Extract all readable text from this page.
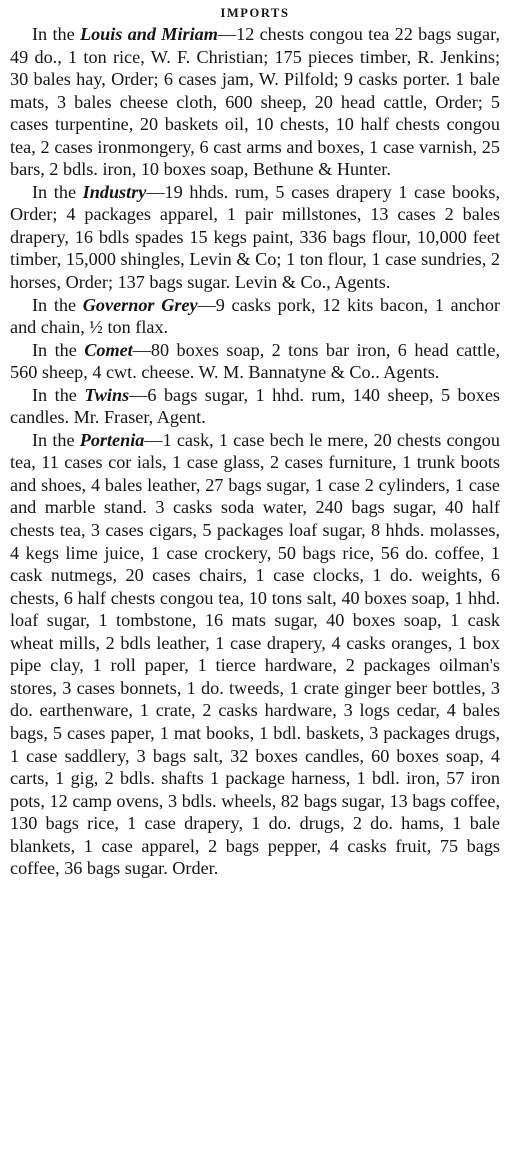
IMPORTS

In the Louis and Miriam—12 chests congou tea 22 bags sugar, 49 do., 1 ton rice, W. F. Christian; 175 pieces timber, R. Jenkins; 30 bales hay, Order; 6 cases jam, W. Pilfold; 9 casks porter. 1 bale mats, 3 bales cheese cloth, 600 sheep, 20 head cattle, Order; 5 cases turpentine, 20 baskets oil, 10 chests, 10 half chests congou tea, 2 cases ironmongery, 6 cast arms and boxes, 1 case varnish, 25 bars, 2 bdls. iron, 10 boxes soap, Bethune & Hunter.

In the Industry—19 hhds. rum, 5 cases drapery 1 case books, Order; 4 packages apparel, 1 pair millstones, 13 cases 2 bales drapery, 16 bdls spades 15 kegs paint, 336 bags flour, 10,000 feet timber, 15,000 shingles, Levin & Co; 1 ton flour, 1 case sundries, 2 horses, Order; 137 bags sugar. Levin & Co., Agents.

In the Governor Grey—9 casks pork, 12 kits bacon, 1 anchor and chain, ½ ton flax.

In the Comet—80 boxes soap, 2 tons bar iron, 6 head cattle, 560 sheep, 4 cwt. cheese. W. M. Bannatyne & Co.. Agents.

In the Twins—6 bags sugar, 1 hhd. rum, 140 sheep, 5 boxes candles. Mr. Fraser, Agent.

In the Portenia—1 cask, 1 case bech le mere, 20 chests congou tea, 11 cases cor ials, 1 case glass, 2 cases furniture, 1 trunk boots and shoes, 4 bales leather, 27 bags sugar, 1 case 2 cylinders, 1 case and marble stand. 3 casks soda water, 240 bags sugar, 40 half chests tea, 3 cases cigars, 5 packages loaf sugar, 8 hhds. molasses, 4 kegs lime juice, 1 case crockery, 50 bags rice, 56 do. coffee, 1 cask nutmegs, 20 cases chairs, 1 case clocks, 1 do. weights, 6 chests, 6 half chests congou tea, 10 tons salt, 40 boxes soap, 1 hhd. loaf sugar, 1 tombstone, 16 mats sugar, 40 boxes soap, 1 cask wheat mills, 2 bdls leather, 1 case drapery, 4 casks oranges, 1 box pipe clay, 1 roll paper, 1 tierce hardware, 2 packages oilman's stores, 3 cases bonnets, 1 do. tweeds, 1 crate ginger beer bottles, 3 do. earthenware, 1 crate, 2 casks hardware, 3 logs cedar, 4 bales bags, 5 cases paper, 1 mat books, 1 bdl. baskets, 3 packages drugs, 1 case saddlery, 3 bags salt, 32 boxes candles, 60 boxes soap, 4 carts, 1 gig, 2 bdls. shafts 1 package harness, 1 bdl. iron, 57 iron pots, 12 camp ovens, 3 bdls. wheels, 82 bags sugar, 13 bags coffee, 130 bags rice, 1 case drapery, 1 do. drugs, 2 do. hams, 1 bale blankets, 1 case apparel, 2 bags pepper, 4 casks fruit, 75 bags coffee, 36 bags sugar. Order.
